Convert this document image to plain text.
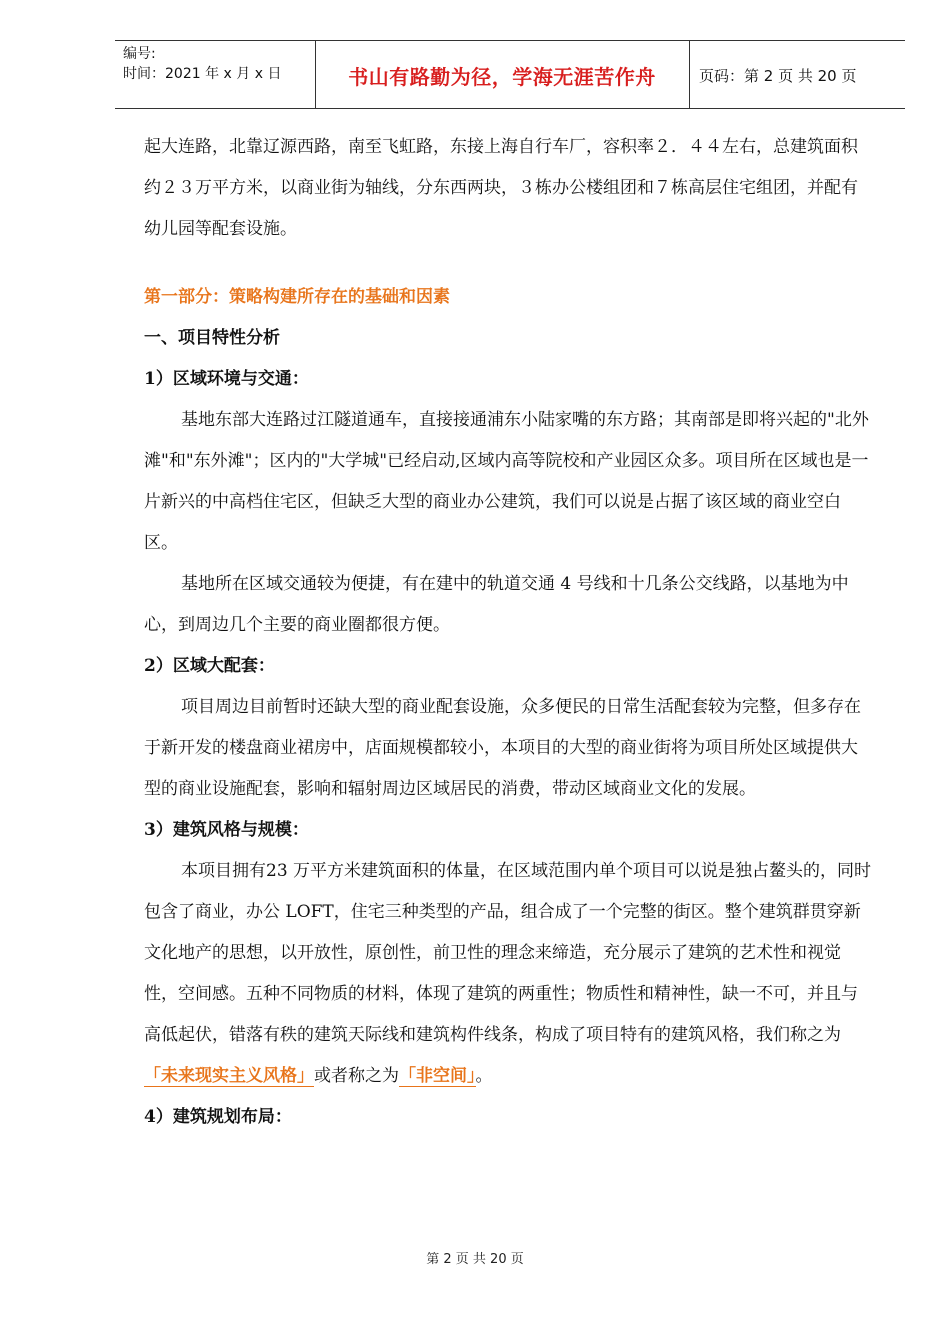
编号:
时间：2021 年 x 月 x 日	书山有路勤为径，学海无涯苦作舟	页码：第 2 页 共 20 页

起大连路，北靠辽源西路，南至飞虹路，东接上海自行车厂，容积率２．４４左右，总建筑面积约２３万平方米，以商业街为轴线，分东西两块，３栋办公楼组团和７栋高层住宅组团，并配有幼儿园等配套设施。

第一部分：策略构建所存在的基础和因素

一、项目特性分析

1）区域环境与交通：

基地东部大连路过江隧道通车，直接接通浦东小陆家嘴的东方路；其南部是即将兴起的"北外滩"和"东外滩"；区内的"大学城"已经启动,区域内高等院校和产业园区众多。项目所在区域也是一片新兴的中高档住宅区，但缺乏大型的商业办公建筑，我们可以说是占据了该区域的商业空白区。

基地所在区域交通较为便捷，有在建中的轨道交通 4 号线和十几条公交线路，以基地为中心，到周边几个主要的商业圈都很方便。

2）区域大配套：

项目周边目前暂时还缺大型的商业配套设施，众多便民的日常生活配套较为完整，但多存在于新开发的楼盘商业裙房中，店面规模都较小，本项目的大型的商业街将为项目所处区域提供大型的商业设施配套，影响和辐射周边区域居民的消费，带动区域商业文化的发展。

3）建筑风格与规模：

本项目拥有23 万平方米建筑面积的体量，在区域范围内单个项目可以说是独占鳌头的，同时包含了商业，办公 LOFT，住宅三种类型的产品，组合成了一个完整的街区。整个建筑群贯穿新文化地产的思想，以开放性，原创性，前卫性的理念来缔造，充分展示了建筑的艺术性和视觉性，空间感。五种不同物质的材料，体现了建筑的两重性；物质性和精神性，缺一不可，并且与高低起伏，错落有秩的建筑天际线和建筑构件线条，构成了项目特有的建筑风格，我们称之为「未来现实主义风格」或者称之为「非空间」。

4）建筑规划布局：

第 2 页 共 20 页
